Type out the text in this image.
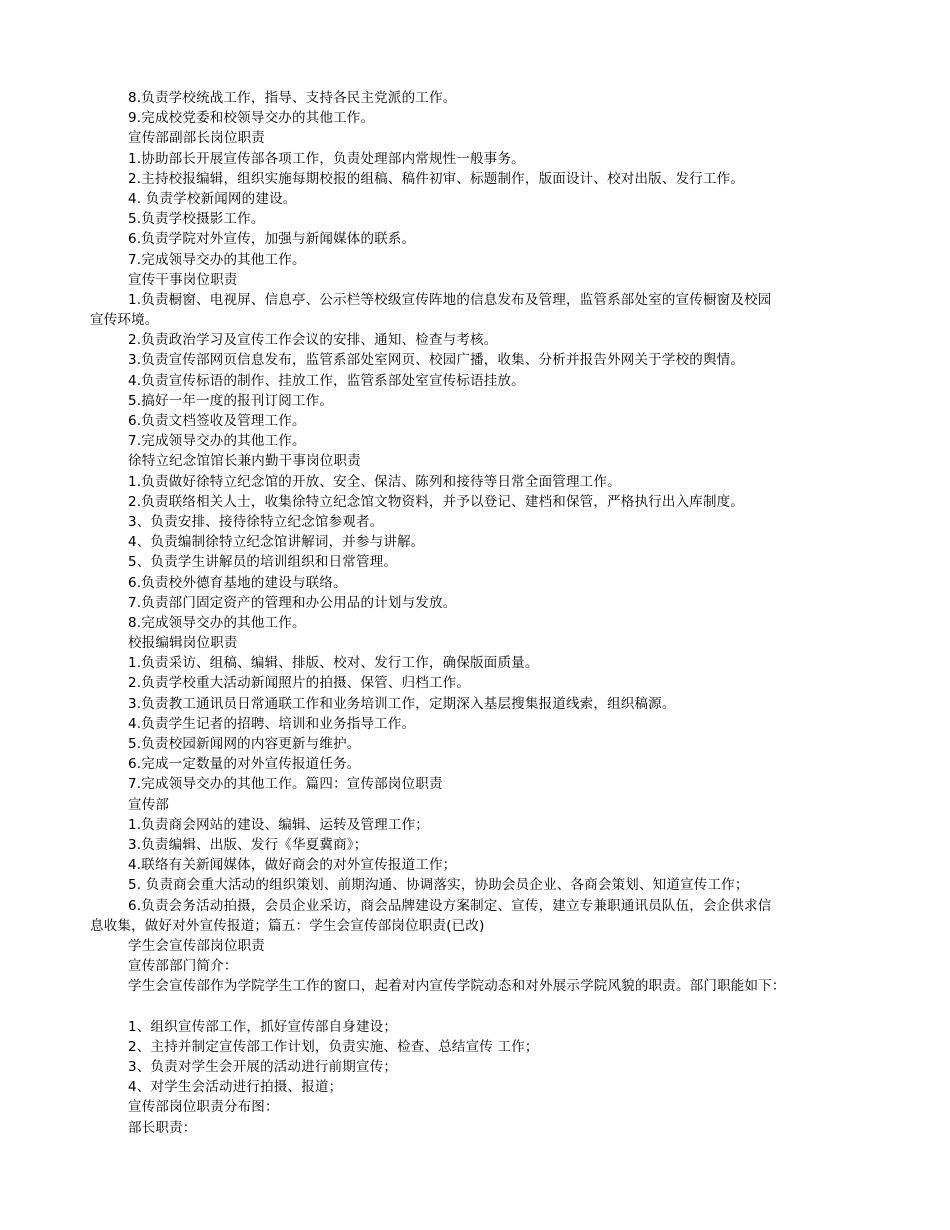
8.负责学校统战工作，指导、支持各民主党派的工作。
9.完成校党委和校领导交办的其他工作。
宣传部副部长岗位职责
1.协助部长开展宣传部各项工作，负责处理部内常规性一般事务。
2.主持校报编辑，组织实施每期校报的组稿、稿件初审、标题制作，版面设计、校对出版、发行工作。
4. 负责学校新闻网的建设。
5.负责学校摄影工作。
6.负责学院对外宣传，加强与新闻媒体的联系。
7.完成领导交办的其他工作。
宣传干事岗位职责
1.负责橱窗、电视屏、信息亭、公示栏等校级宣传阵地的信息发布及管理，监管系部处室的宣传橱窗及校园
宣传环境。
2.负责政治学习及宣传工作会议的安排、通知、检查与考核。
3.负责宣传部网页信息发布，监管系部处室网页、校园广播，收集、分析并报告外网关于学校的舆情。
4.负责宣传标语的制作、挂放工作，监管系部处室宣传标语挂放。
5.搞好一年一度的报刊订阅工作。
6.负责文档签收及管理工作。
7.完成领导交办的其他工作。
徐特立纪念馆馆长兼内勤干事岗位职责
1.负责做好徐特立纪念馆的开放、安全、保洁、陈列和接待等日常全面管理工作。
2.负责联络相关人士，收集徐特立纪念馆文物资料，并予以登记、建档和保管，严格执行出入库制度。
3、负责安排、接待徐特立纪念馆参观者。
4、负责编制徐特立纪念馆讲解词，并参与讲解。
5、负责学生讲解员的培训组织和日常管理。
6.负责校外德育基地的建设与联络。
7.负责部门固定资产的管理和办公用品的计划与发放。
8.完成领导交办的其他工作。
校报编辑岗位职责
1.负责采访、组稿、编辑、排版、校对、发行工作，确保版面质量。
2.负责学校重大活动新闻照片的拍摄、保管、归档工作。
3.负责教工通讯员日常通联工作和业务培训工作，定期深入基层搜集报道线索，组织稿源。
4.负责学生记者的招聘、培训和业务指导工作。
5.负责校园新闻网的内容更新与维护。
6.完成一定数量的对外宣传报道任务。
7.完成领导交办的其他工作。篇四：宣传部岗位职责
宣传部
1.负责商会网站的建设、编辑、运转及管理工作；
3.负责编辑、出版、发行《华夏冀商》；
4.联络有关新闻媒体，做好商会的对外宣传报道工作；
5. 负责商会重大活动的组织策划、前期沟通、协调落实，协助会员企业、各商会策划、知道宣传工作；
6.负责会务活动拍摄，会员企业采访，商会品牌建设方案制定、宣传，建立专兼职通讯员队伍，会企供求信
息收集，做好对外宣传报道；篇五：学生会宣传部岗位职责(已改)
学生会宣传部岗位职责
宣传部部门简介：
学生会宣传部作为学院学生工作的窗口，起着对内宣传学院动态和对外展示学院风貌的职责。部门职能如下：
1、组织宣传部工作，抓好宣传部自身建设；
2、主持并制定宣传部工作计划，负责实施、检查、总结宣传 工作；
3、负责对学生会开展的活动进行前期宣传；
4、对学生会活动进行拍摄、报道；
宣传部岗位职责分布图：
部长职责：
